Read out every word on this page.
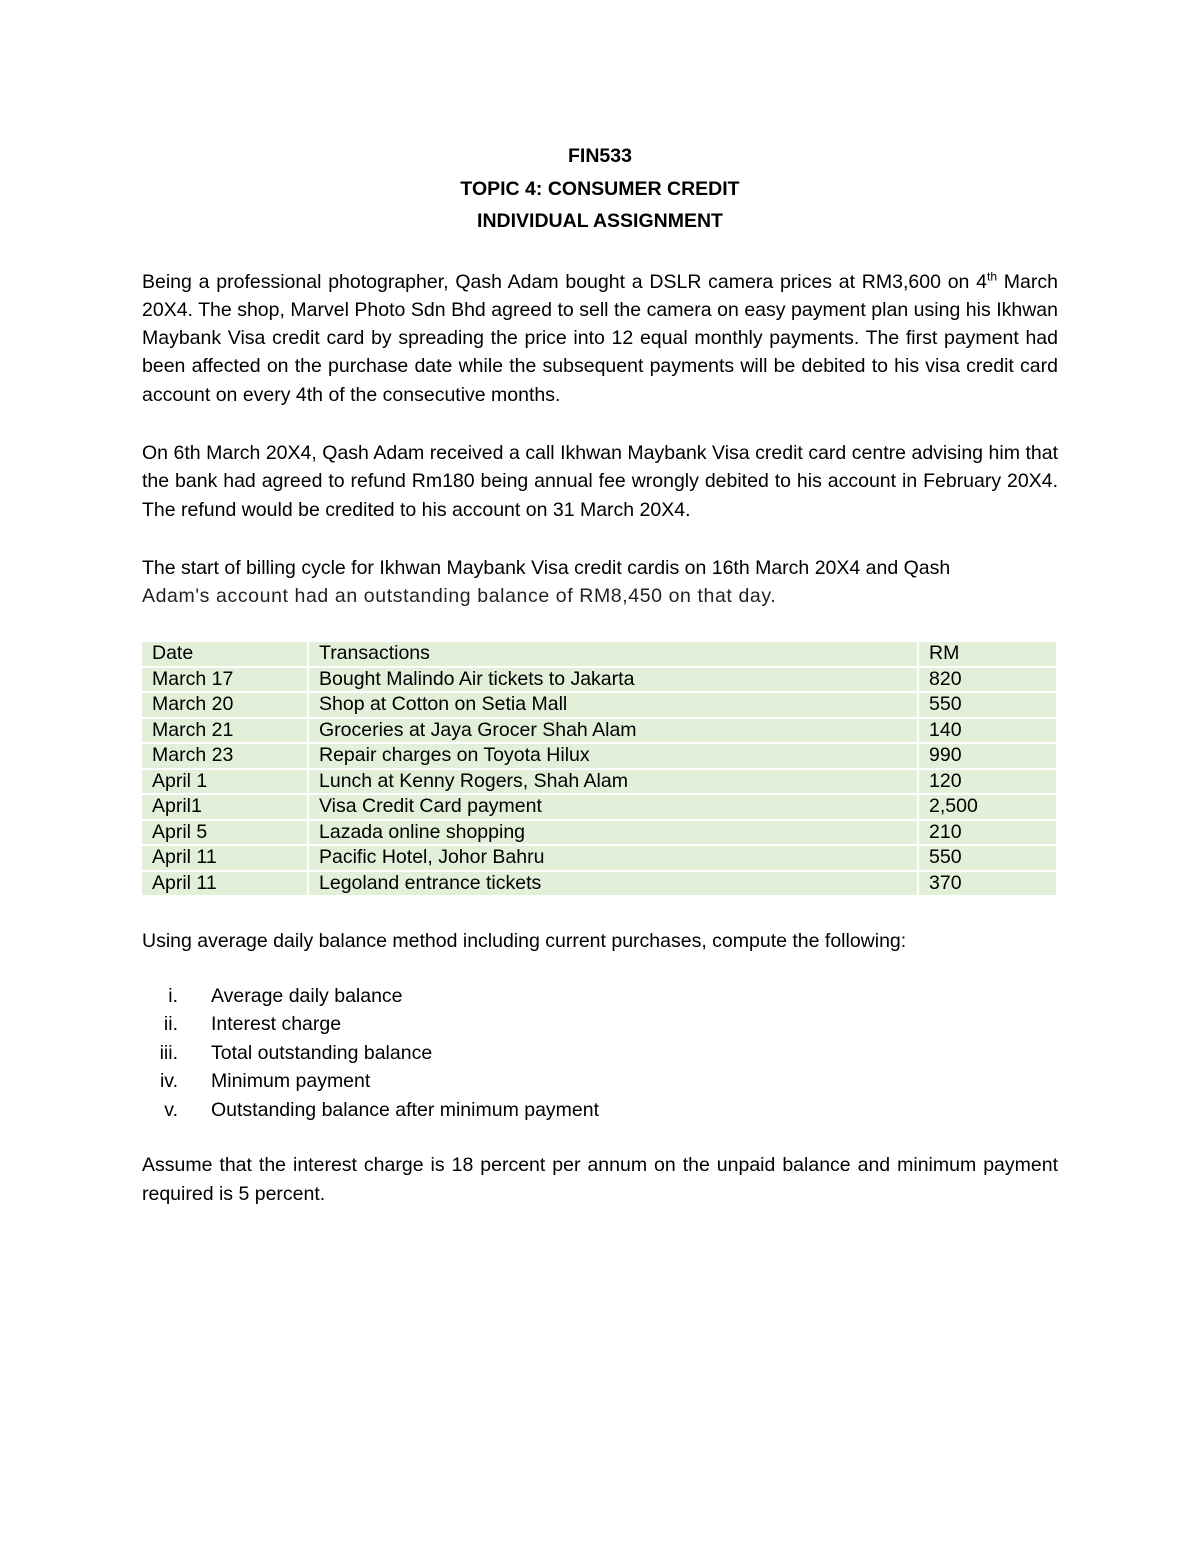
FIN533
TOPIC 4: CONSUMER CREDIT
INDIVIDUAL ASSIGNMENT

Being a professional photographer, Qash Adam bought a DSLR camera prices at RM3,600 on 4th March 20X4. The shop, Marvel Photo Sdn Bhd agreed to sell the camera on easy payment plan using his Ikhwan Maybank Visa credit card by spreading the price into 12 equal monthly payments. The first payment had been affected on the purchase date while the subsequent payments will be debited to his visa credit card account on every 4th of the consecutive months.

On 6th March 20X4, Qash Adam received a call Ikhwan Maybank Visa credit card centre advising him that the bank had agreed to refund Rm180 being annual fee wrongly debited to his account in February 20X4. The refund would be credited to his account on 31 March 20X4.

The start of billing cycle for Ikhwan Maybank Visa credit cardis on 16th March 20X4 and Qash
Adam's account had an outstanding balance of RM8,450 on that day.

Date	Transactions	RM
March 17	Bought Malindo Air tickets to Jakarta	820
March 20	Shop at Cotton on Setia Mall	550
March 21	Groceries at Jaya Grocer Shah Alam	140
March 23	Repair charges on Toyota Hilux	990
April 1	Lunch at Kenny Rogers, Shah Alam	120
April1	Visa Credit Card payment	2,500
April 5	Lazada online shopping	210
April 11	Pacific Hotel, Johor Bahru	550
April 11	Legoland entrance tickets	370

Using average daily balance method including current purchases, compute the following:

i. Average daily balance
ii. Interest charge
iii. Total outstanding balance
iv. Minimum payment
v. Outstanding balance after minimum payment

Assume that the interest charge is 18 percent per annum on the unpaid balance and minimum payment required is 5 percent.
